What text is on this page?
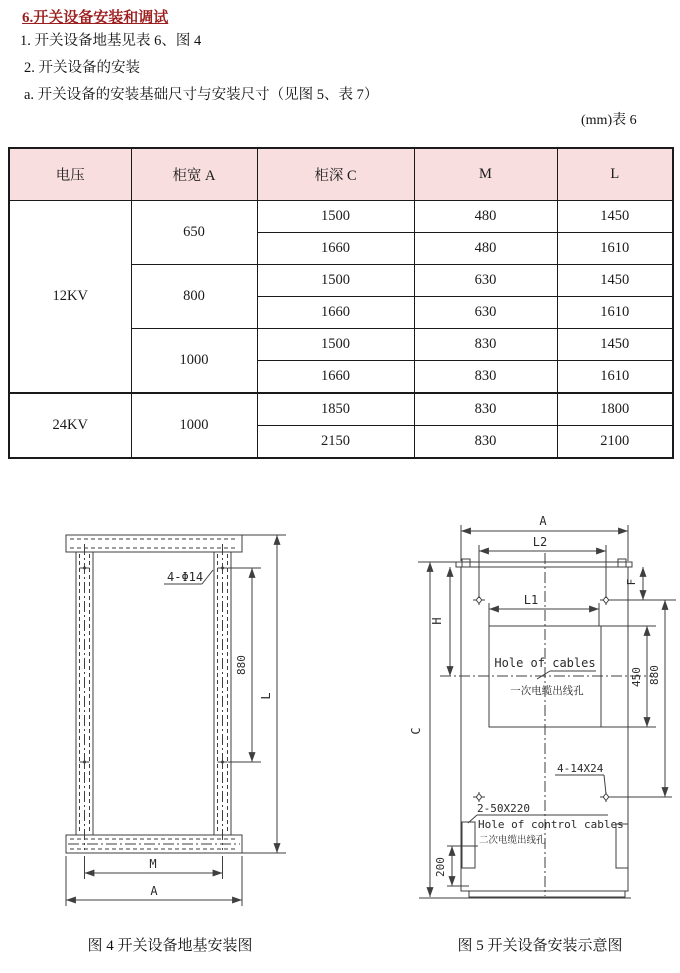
6.开关设备安装和调试

1. 开关设备地基见表 6、图 4

2. 开关设备的安装

a. 开关设备的安装基础尺寸与安装尺寸（见图 5、表 7）

(mm)表 6
电压	柜宽 A	柜深 C	M	L
12KV	650	1500	480	1450
		1660	480	1610
	800	1500	630	1450
		1660	630	1610
	1000	1500	830	1450
		1660	830	1610
24KV	1000	1850	830	1800
		2150	830	2100
4-Φ14
880
L
M
A
A
L2
L1
Hole of cables
一次电缆出线孔
H
C
F
450 880
4-14X24
2-50X220
Hole of control cables
二次电缆出线孔
200
图 4 开关设备地基安装图	图 5 开关设备安装示意图
